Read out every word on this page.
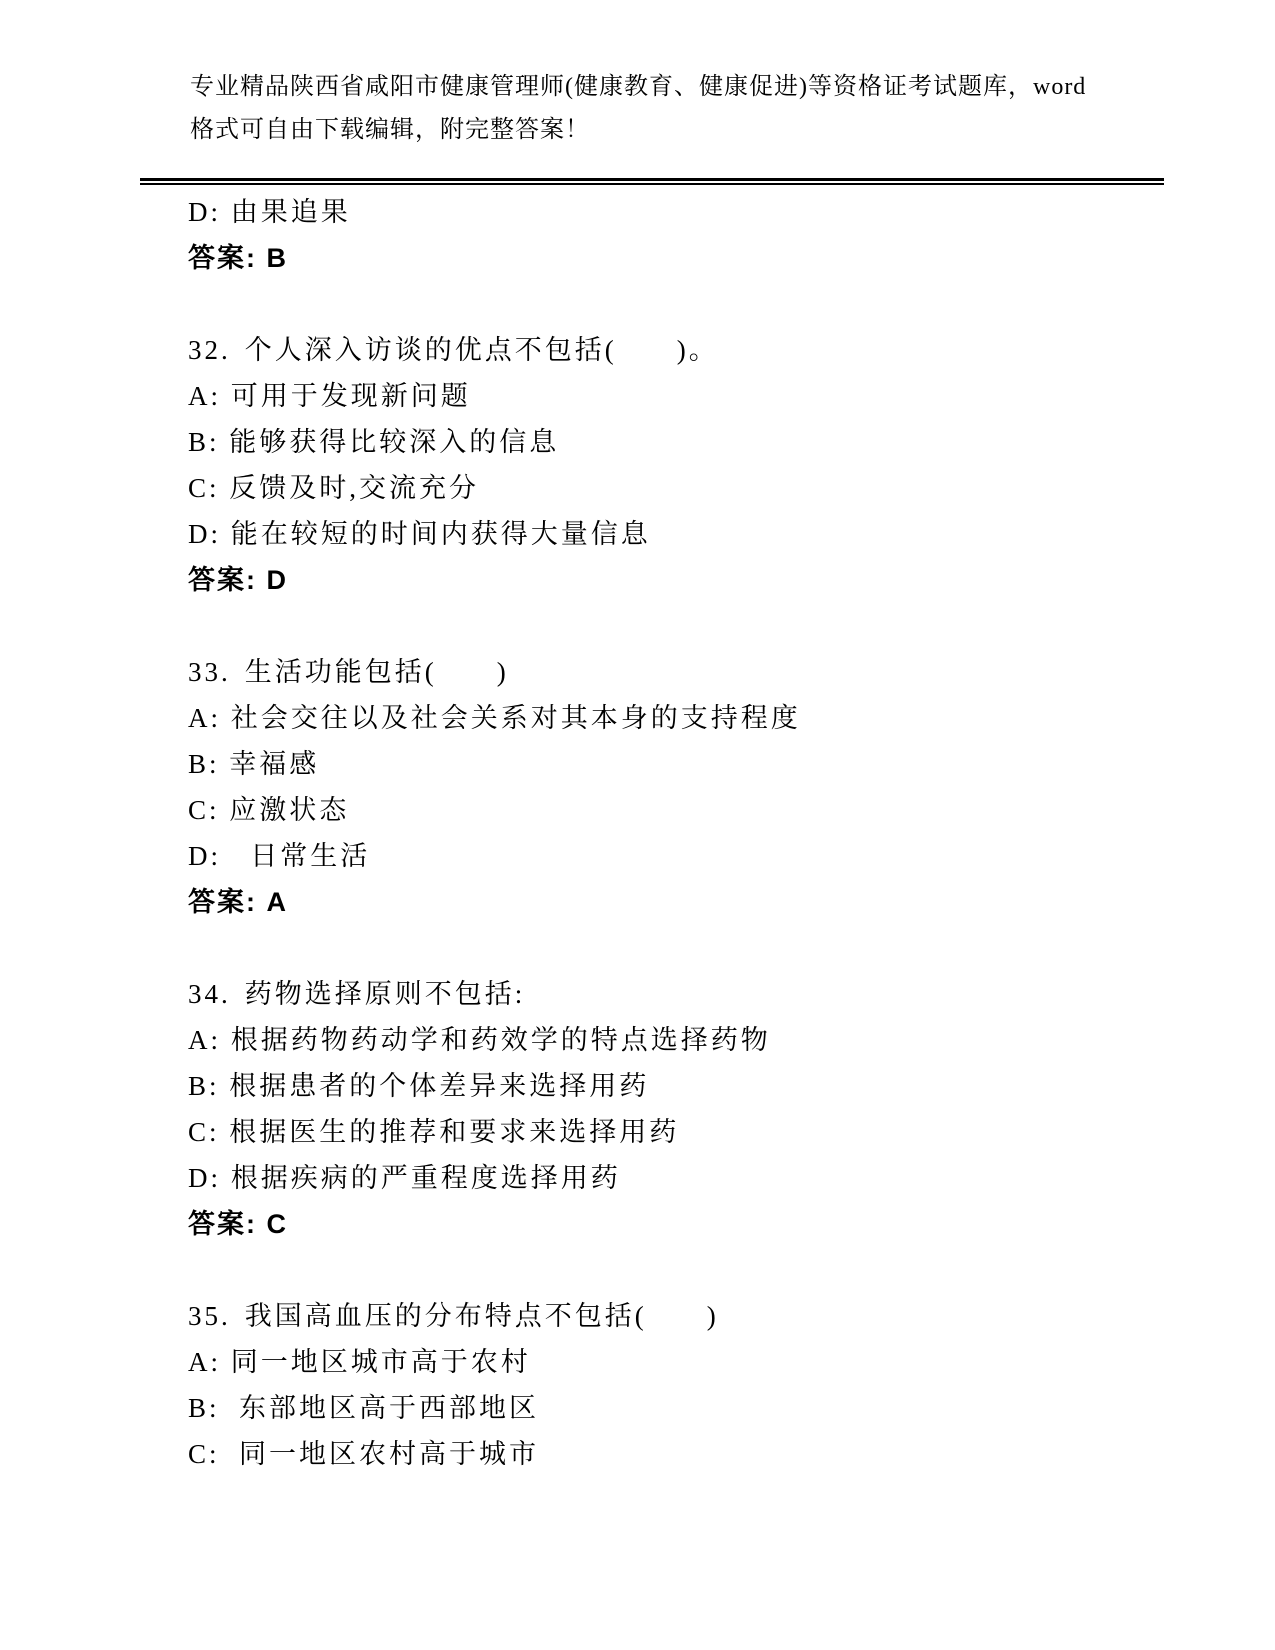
专业精品陕西省咸阳市健康管理师(健康教育、健康促进)等资格证考试题库，word

格式可自由下载编辑，附完整答案！

D: 由果追果

答案: B

32. 个人深入访谈的优点不包括(　　)。

A: 可用于发现新问题

B: 能够获得比较深入的信息

C: 反馈及时,交流充分

D: 能在较短的时间内获得大量信息

答案: D

33. 生活功能包括(　　)

A: 社会交往以及社会关系对其本身的支持程度

B: 幸福感

C: 应激状态

D:   日常生活

答案: A

34. 药物选择原则不包括:

A: 根据药物药动学和药效学的特点选择药物

B: 根据患者的个体差异来选择用药

C: 根据医生的推荐和要求来选择用药

D: 根据疾病的严重程度选择用药

答案: C

35. 我国高血压的分布特点不包括(　　)

A: 同一地区城市高于农村

B:  东部地区高于西部地区

C:  同一地区农村高于城市
